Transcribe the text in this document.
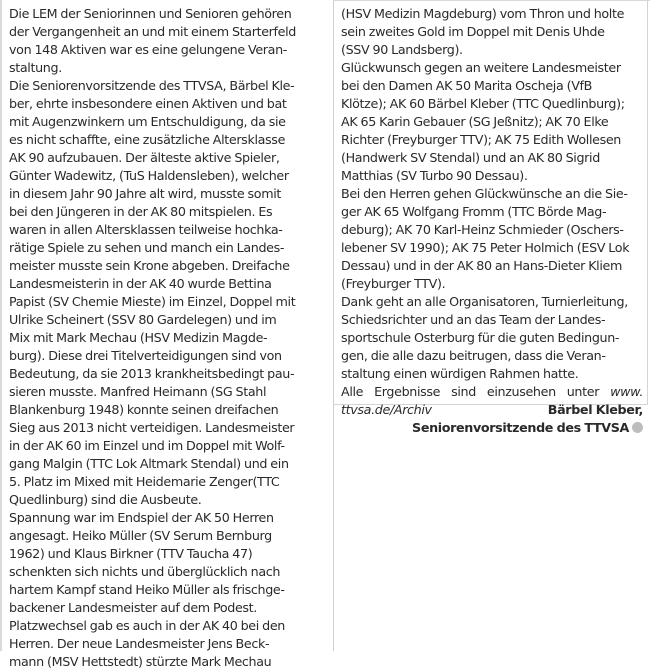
Die LEM der Seniorinnen und Senioren gehören

der Vergangenheit an und mit einem Starterfeld

von 148 Aktiven war es eine gelungene Veran-

staltung.

Die Seniorenvorsitzende des TTVSA, Bärbel Kle-

ber, ehrte insbesondere einen Aktiven und bat

mit Augenzwinkern um Entschuldigung, da sie

es nicht schaffte, eine zusätzliche Altersklasse

AK 90 aufzubauen. Der älteste aktive Spieler,

Günter Wadewitz, (TuS Haldensleben), welcher

in diesem Jahr 90 Jahre alt wird, musste somit

bei den Jüngeren in der AK 80 mitspielen. Es

waren in allen Altersklassen teilweise hochka-

rätige Spiele zu sehen und manch ein Landes-

meister musste sein Krone abgeben. Dreifache

Landesmeisterin in der AK 40 wurde Bettina

Papist (SV Chemie Mieste) im Einzel, Doppel mit

Ulrike Scheinert (SSV 80 Gardelegen) und im

Mix mit Mark Mechau (HSV Medizin Magde-

burg). Diese drei Titelverteidigungen sind von

Bedeutung, da sie 2013 krankheitsbedingt pau-

sieren musste. Manfred Heimann (SG Stahl

Blankenburg 1948) konnte seinen dreifachen

Sieg aus 2013 nicht verteidigen. Landesmeister

in der AK 60 im Einzel und im Doppel mit Wolf-

gang Malgin (TTC Lok Altmark Stendal) und ein

5. Platz im Mixed mit Heidemarie Zenger(TTC

Quedlinburg) sind die Ausbeute.

Spannung war im Endspiel der AK 50 Herren

angesagt. Heiko Müller (SV Serum Bernburg

1962) und Klaus Birkner (TTV Taucha 47)

schenkten sich nichts und überglücklich nach

hartem Kampf stand Heiko Müller als frischge-

backener Landesmeister auf dem Podest.

Platzwechsel gab es auch in der AK 40 bei den

Herren. Der neue Landesmeister Jens Beck-

mann (MSV Hettstedt) stürzte Mark Mechau

(HSV Medizin Magdeburg) vom Thron und holte

sein zweites Gold im Doppel mit Denis Uhde

(SSV 90 Landsberg).

Glückwunsch gegen an weitere Landesmeister

bei den Damen AK 50 Marita Oscheja (VfB

Klötze); AK 60 Bärbel Kleber (TTC Quedlinburg);

AK 65 Karin Gebauer (SG Jeßnitz); AK 70 Elke

Richter (Freyburger TTV); AK 75 Edith Wollesen

(Handwerk SV Stendal) und an AK 80 Sigrid

Matthias (SV Turbo 90 Dessau).

Bei den Herren gehen Glückwünsche an die Sie-

ger AK 65 Wolfgang Fromm (TTC Börde Mag-

deburg); AK 70 Karl-Heinz Schmieder (Oschers-

lebener SV 1990); AK 75 Peter Holmich (ESV Lok

Dessau) und in der AK 80 an Hans-Dieter Kliem

(Freyburger TTV).

Dank geht an alle Organisatoren, Turnierleitung,

Schiedsrichter und an das Team der Landes-

sportschule Osterburg für die guten Bedingun-

gen, die alle dazu beitrugen, dass die Veran-

staltung einen würdigen Rahmen hatte.

Alle Ergebnisse sind einzusehen unter www.

ttvsa.de/Archiv	Bärbel Kleber,

Seniorenvorsitzende des TTVSA
